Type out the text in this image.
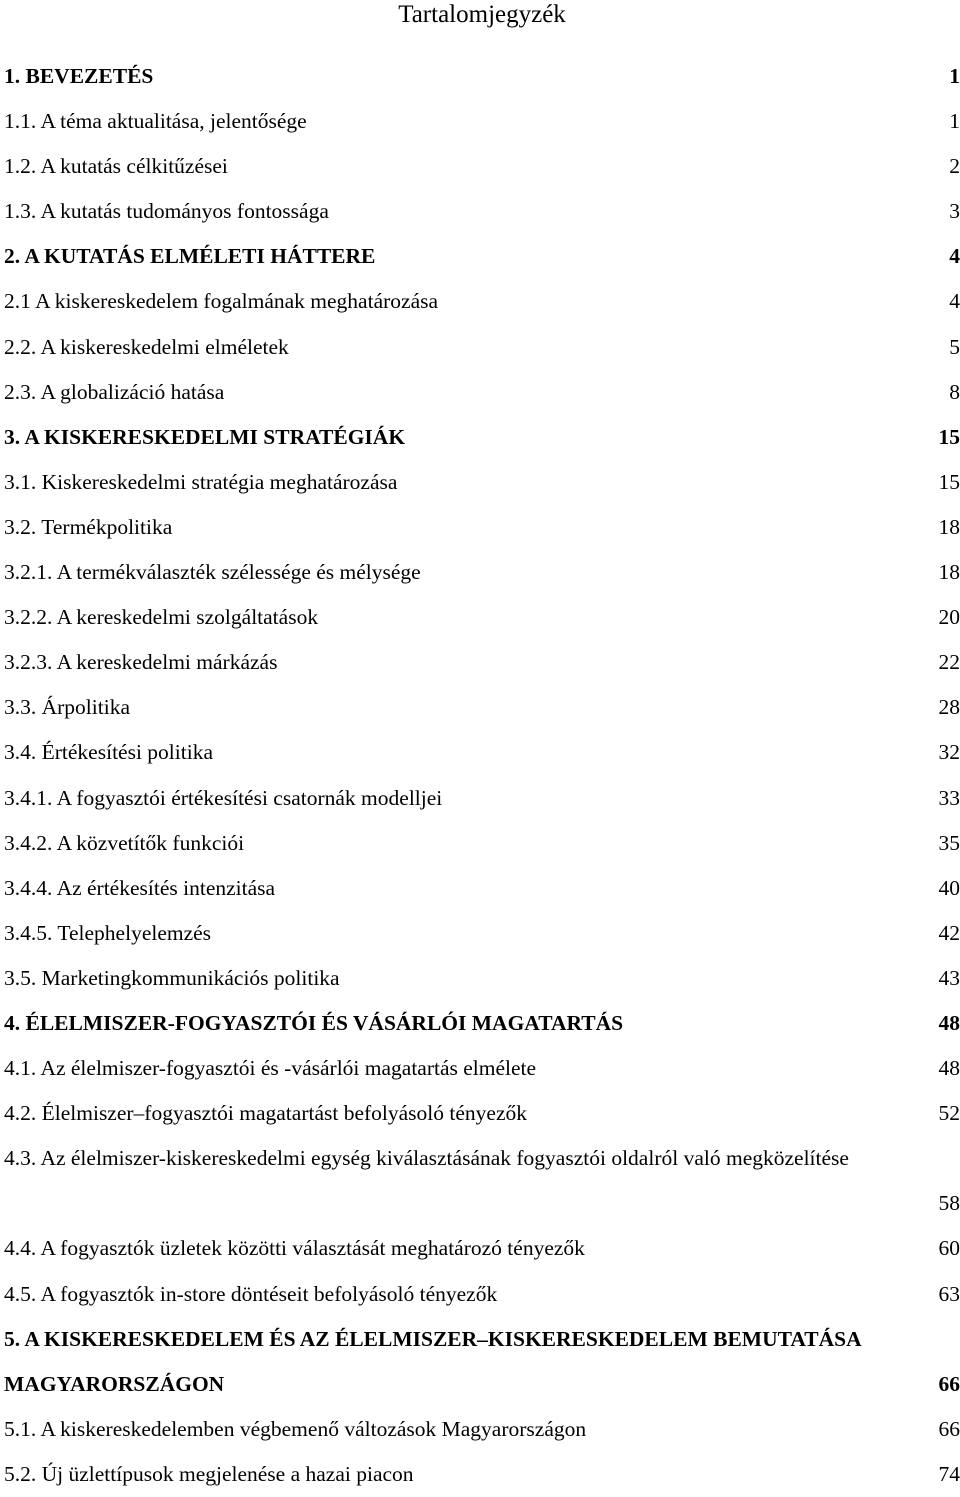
Tartalomjegyzék
1. BEVEZETÉS	1
1.1. A téma aktualitása, jelentősége	1
1.2. A kutatás célkitűzései	2
1.3. A kutatás tudományos fontossága	3
2. A KUTATÁS ELMÉLETI HÁTTERE	4
2.1 A kiskereskedelem fogalmának meghatározása	4
2.2. A kiskereskedelmi elméletek	5
2.3. A globalizáció hatása	8
3. A KISKERESKEDELMI STRATÉGIÁK	15
3.1. Kiskereskedelmi stratégia meghatározása	15
3.2. Termékpolitika	18
3.2.1. A termékválaszték szélessége és mélysége	18
3.2.2. A kereskedelmi szolgáltatások	20
3.2.3. A kereskedelmi márkázás	22
3.3. Árpolitika	28
3.4. Értékesítési politika	32
3.4.1. A fogyasztói értékesítési csatornák modelljei	33
3.4.2. A közvetítők funkciói	35
3.4.4. Az értékesítés intenzitása	40
3.4.5. Telephelyelemzés	42
3.5. Marketingkommunikációs politika	43
4. ÉLELMISZER-FOGYASZTÓI ÉS VÁSÁRLÓI MAGATARTÁS	48
4.1. Az élelmiszer-fogyasztói és -vásárlói magatartás elmélete	48
4.2. Élelmiszer–fogyasztói magatartást befolyásoló tényezők	52
4.3. Az élelmiszer-kiskereskedelmi egység kiválasztásának fogyasztói oldalról való megközelítése
58
4.4. A fogyasztók üzletek közötti választását meghatározó tényezők	60
4.5. A fogyasztók in-store döntéseit befolyásoló tényezők	63
5. A KISKERESKEDELEM ÉS AZ ÉLELMISZER–KISKERESKEDELEM BEMUTATÁSA MAGYARORSZÁGON	66
5.1. A kiskereskedelemben végbemenő változások Magyarországon	66
5.2. Új üzlettípusok megjelenése a hazai piacon	74
